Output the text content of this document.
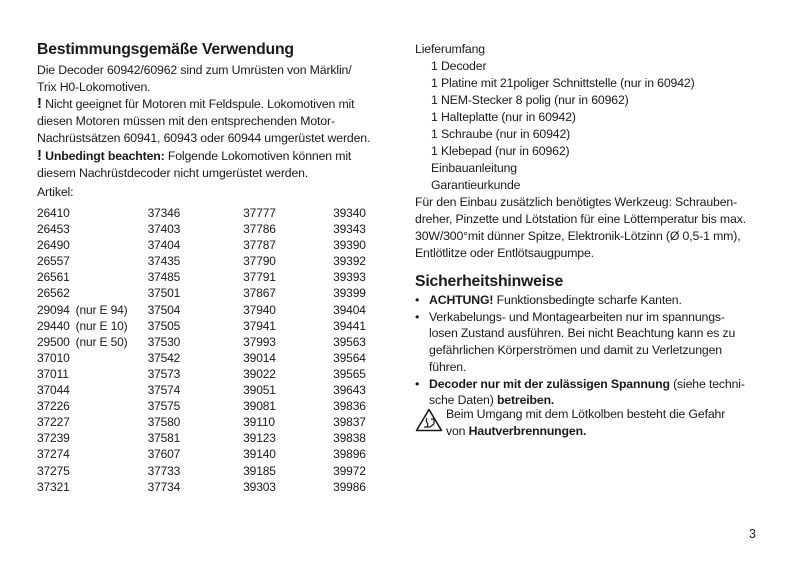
Bestimmungsgemäße Verwendung
Die Decoder 60942/60962 sind zum Umrüsten von Märklin/
Trix H0-Lokomotiven.
! Nicht geeignet für Motoren mit Feldspule. Lokomotiven mit
diesen Motoren müssen mit den entsprechenden Motor-
Nachrüstsätzen 60941, 60943 oder 60944 umgerüstet werden.
! Unbedingt beachten: Folgende Lokomotiven können mit
diesem Nachrüstdecoder nicht umgerüstet werden.
Artikel:
26410	37346	37777	39340
26453	37403	37786	39343
26490	37404	37787	39390
26557	37435	37790	39392
26561	37485	37791	39393
26562	37501	37867	39399
29094 (nur E 94)	37504	37940	39404
29440 (nur E 10)	37505	37941	39441
29500 (nur E 50)	37530	37993	39563
37010	37542	39014	39564
37011	37573	39022	39565
37044	37574	39051	39643
37226	37575	39081	39836
37227	37580	39110	39837
37239	37581	39123	39838
37274	37607	39140	39896
37275	37733	39185	39972
37321	37734	39303	39986
Lieferumfang
1 Decoder
1 Platine mit 21poliger Schnittstelle (nur in 60942)
1 NEM-Stecker 8 polig (nur in 60962)
1 Halteplatte (nur in 60942)
1 Schraube (nur in 60942)
1 Klebepad (nur in 60962)
Einbauanleitung
Garantieurkunde
Für den Einbau zusätzlich benötigtes Werkzeug: Schrauben-
dreher, Pinzette und Lötstation für eine Löttemperatur bis max.
30W/300°mit dünner Spitze, Elektronik-Lötzinn (Ø 0,5-1 mm),
Entlötlitze oder Entlötsaugpumpe.
Sicherheitshinweise
• ACHTUNG! Funktionsbedingte scharfe Kanten.
• Verkabelungs- und Montagearbeiten nur im spannungs-
losen Zustand ausführen. Bei nicht Beachtung kann es zu
gefährlichen Körperströmen und damit zu Verletzungen
führen.
• Decoder nur mit der zulässigen Spannung (siehe techni-
sche Daten) betreiben.
Beim Umgang mit dem Lötkolben besteht die Gefahr
von Hautverbrennungen.
3
